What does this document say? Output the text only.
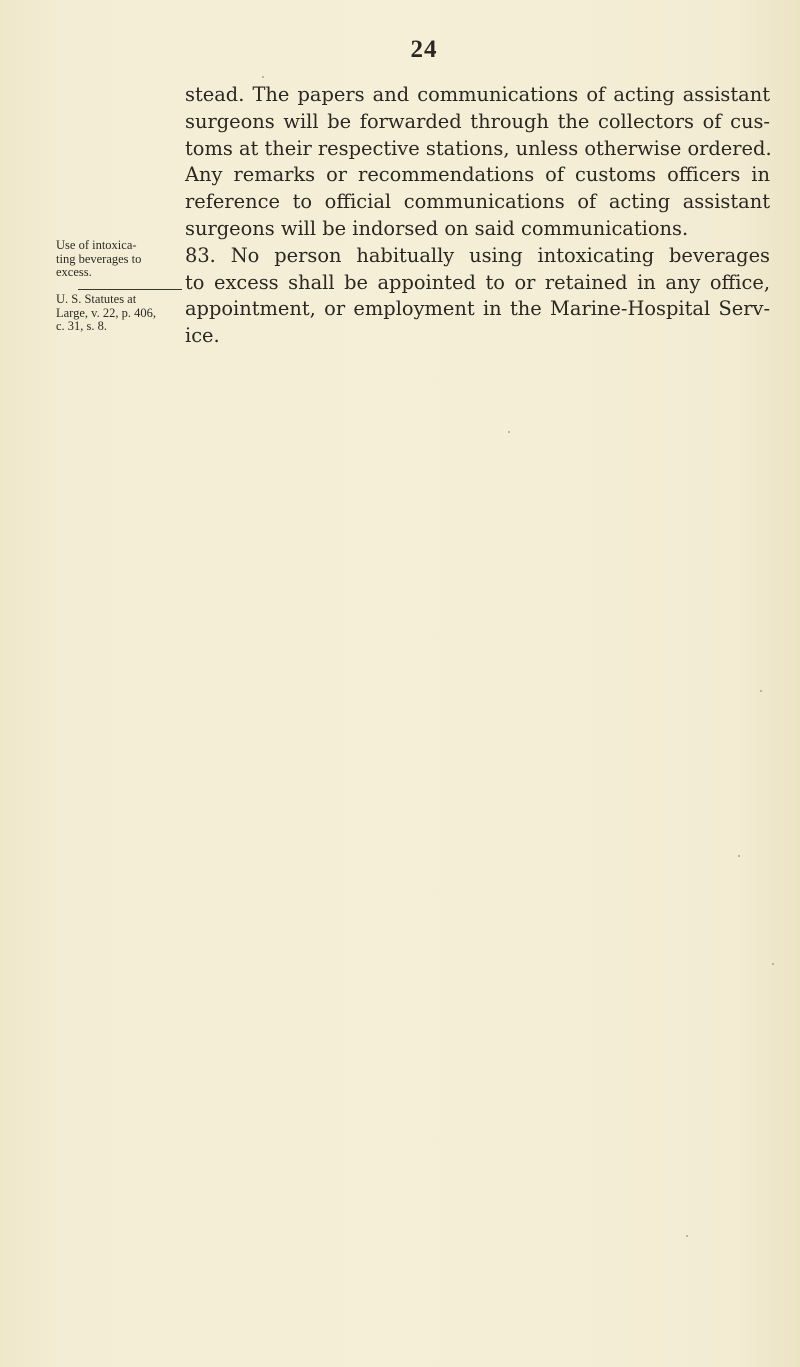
24
stead. The papers and communications of acting assistant
surgeons will be forwarded through the collectors of cus-
toms at their respective stations, unless otherwise ordered.
Any remarks or recommendations of customs officers in
reference to official communications of acting assistant
surgeons will be indorsed on said communications.
83. No person habitually using intoxicating beverages
to excess shall be appointed to or retained in any office,
appointment, or employment in the Marine-Hospital Serv-
ice.
Use of intoxica-
ting beverages to
excess.
U. S. Statutes at
Large, v. 22, p. 406,
c. 31, s. 8.
